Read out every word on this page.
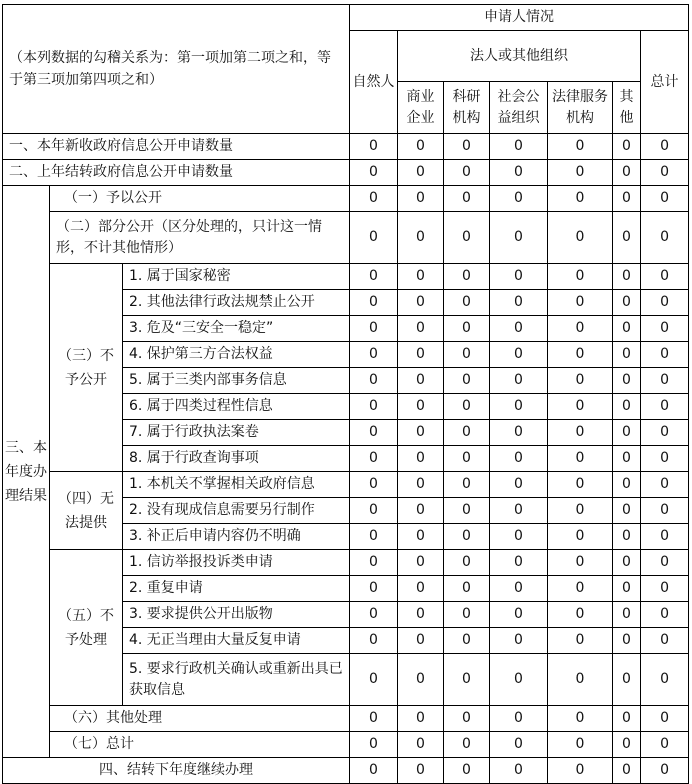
（本列数据的勾稽关系为：第一项加第二项之和，等于第三项加第四项之和）			申请人情况						
			自然人	法人或其他组织					总计
				商业企业	科研机构	社会公益组织	法律服务机构	其他	
一、本年新收政府信息公开申请数量			0	0	0	0	0	0	0
二、上年结转政府信息公开申请数量			0	0	0	0	0	0	0
三、本年度办理结果	（一）予以公开		0	0	0	0	0	0	0
	（二）部分公开（区分处理的，只计这一情形，不计其他情形）		0	0	0	0	0	0	0
	（三）不予公开	1. 属于国家秘密	0	0	0	0	0	0	0
		2. 其他法律行政法规禁止公开	0	0	0	0	0	0	0
		3. 危及“三安全一稳定”	0	0	0	0	0	0	0
		4. 保护第三方合法权益	0	0	0	0	0	0	0
		5. 属于三类内部事务信息	0	0	0	0	0	0	0
		6. 属于四类过程性信息	0	0	0	0	0	0	0
		7. 属于行政执法案卷	0	0	0	0	0	0	0
		8. 属于行政查询事项	0	0	0	0	0	0	0
	（四）无法提供	1. 本机关不掌握相关政府信息	0	0	0	0	0	0	0
		2. 没有现成信息需要另行制作	0	0	0	0	0	0	0
		3. 补正后申请内容仍不明确	0	0	0	0	0	0	0
	（五）不予处理	1. 信访举报投诉类申请	0	0	0	0	0	0	0
		2. 重复申请	0	0	0	0	0	0	0
		3. 要求提供公开出版物	0	0	0	0	0	0	0
		4. 无正当理由大量反复申请	0	0	0	0	0	0	0
		5. 要求行政机关确认或重新出具已获取信息	0	0	0	0	0	0	0
	（六）其他处理		0	0	0	0	0	0	0
	（七）总计		0	0	0	0	0	0	0
四、结转下年度继续办理			0	0	0	0	0	0	0
